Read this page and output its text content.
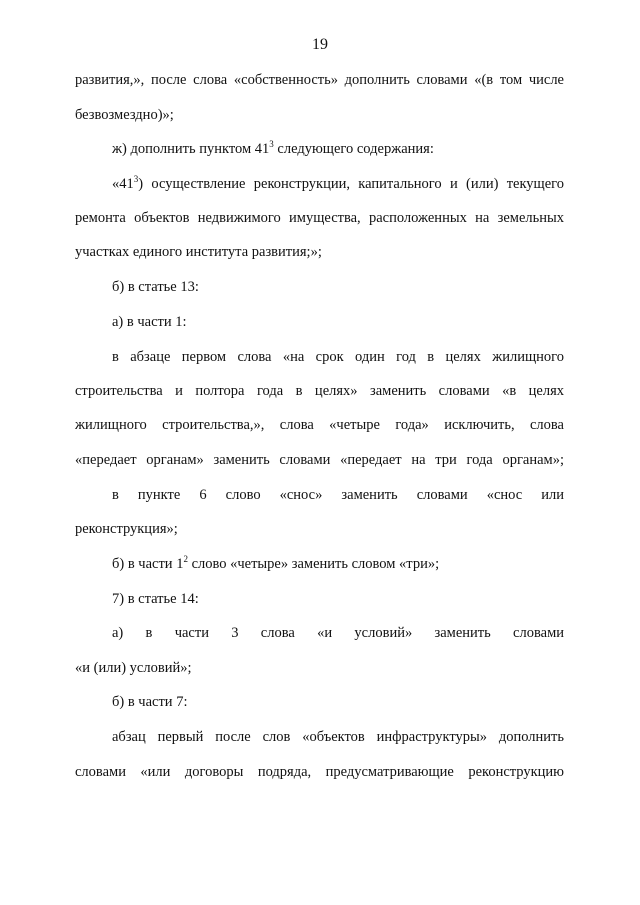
19
развития,», после слова «собственность» дополнить словами «(в том числе
безвозмездно)»;
ж) дополнить пунктом $41^3$ следующего содержания:
«$41^3$) осуществление реконструкции, капитального и (или) текущего
ремонта объектов недвижимого имущества, расположенных на земельных
участках единого института развития;»;
б) в статье 13:
а) в части 1:
в абзаце первом слова «на срок один год в целях жилищного
строительства и полтора года в целях» заменить словами «в целях
жилищного строительства,», слова «четыре года» исключить, слова
«передает органам» заменить словами «передает на три года органам»;
в пункте 6 слово «снос» заменить словами «снос или
реконструкция»;
б) в части $1^2$ слово «четыре» заменить словом «три»;
7) в статье 14:
а) в части 3 слова «и условий» заменить словами
«и (или) условий»;
б) в части 7:
абзац первый после слов «объектов инфраструктуры» дополнить
словами «или договоры подряда, предусматривающие реконструкцию
